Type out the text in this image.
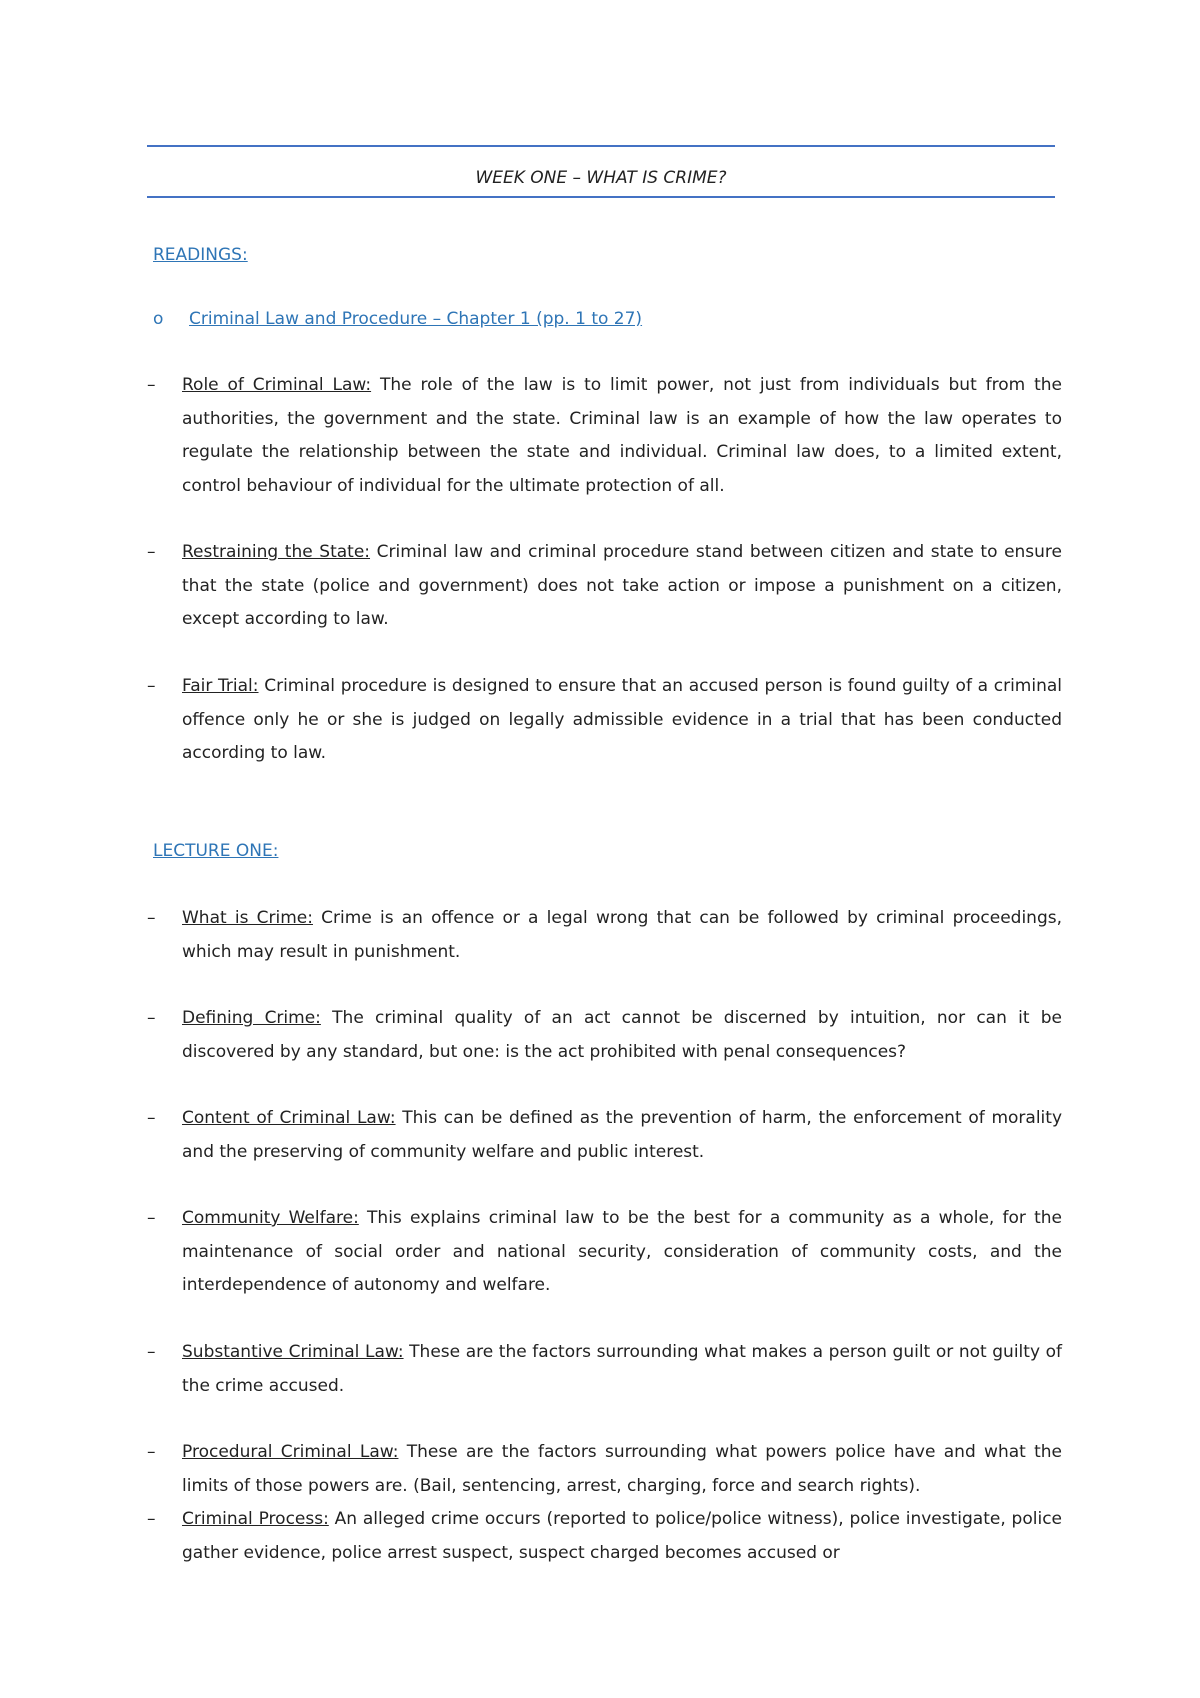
WEEK ONE – WHAT IS CRIME?
READINGS:
o Criminal Law and Procedure – Chapter 1 (pp. 1 to 27)
–	Role of Criminal Law: The role of the law is to limit power, not just from individuals but from the authorities, the government and the state. Criminal law is an example of how the law operates to regulate the relationship between the state and individual. Criminal law does, to a limited extent, control behaviour of individual for the ultimate protection of all.
–	Restraining the State: Criminal law and criminal procedure stand between citizen and state to ensure that the state (police and government) does not take action or impose a punishment on a citizen, except according to law.
–	Fair Trial: Criminal procedure is designed to ensure that an accused person is found guilty of a criminal offence only he or she is judged on legally admissible evidence in a trial that has been conducted according to law.
LECTURE ONE:
–	What is Crime: Crime is an offence or a legal wrong that can be followed by criminal proceedings, which may result in punishment.
–	Defining Crime: The criminal quality of an act cannot be discerned by intuition, nor can it be discovered by any standard, but one: is the act prohibited with penal consequences?
–	Content of Criminal Law: This can be defined as the prevention of harm, the enforcement of morality and the preserving of community welfare and public interest.
–	Community Welfare: This explains criminal law to be the best for a community as a whole, for the maintenance of social order and national security, consideration of community costs, and the interdependence of autonomy and welfare.
–	Substantive Criminal Law: These are the factors surrounding what makes a person guilt or not guilty of the crime accused.
–	Procedural Criminal Law: These are the factors surrounding what powers police have and what the limits of those powers are. (Bail, sentencing, arrest, charging, force and search rights).
–	Criminal Process: An alleged crime occurs (reported to police/police witness), police investigate, police gather evidence, police arrest suspect, suspect charged becomes accused or
